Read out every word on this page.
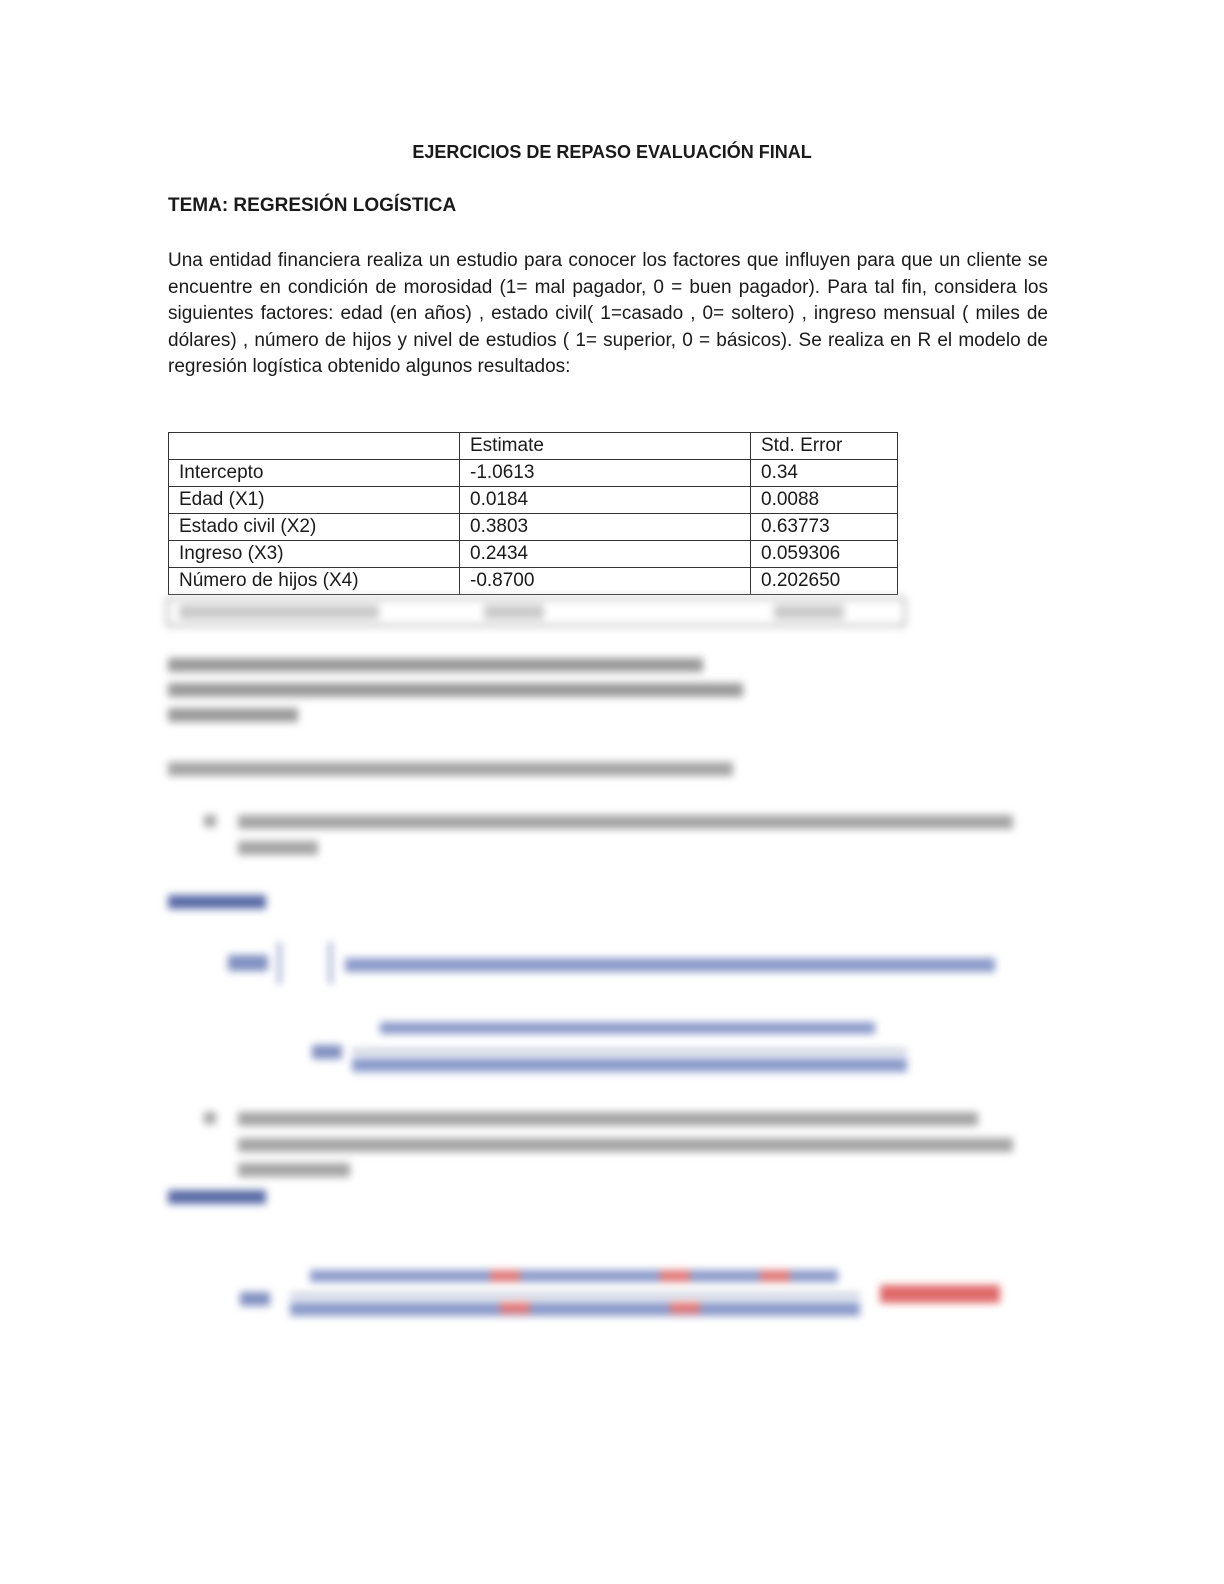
EJERCICIOS DE REPASO EVALUACIÓN FINAL
TEMA: REGRESIÓN LOGÍSTICA
Una entidad financiera realiza un estudio para conocer los factores que influyen para que un cliente se encuentre en condición de morosidad (1= mal pagador, 0 = buen pagador). Para tal fin, considera los siguientes factores: edad (en años) , estado civil( 1=casado , 0= soltero) , ingreso mensual ( miles de dólares) , número de hijos y nivel de estudios ( 1= superior, 0 = básicos). Se realiza en R el modelo de regresión logística obtenido algunos resultados:
	Estimate	Std. Error
Intercepto	-1.0613	0.34
Edad (X1)	0.0184	0.0088
Estado civil (X2)	0.3803	0.63773
Ingreso (X3)	0.2434	0.059306
Número de hijos (X4)	-0.8700	0.202650
